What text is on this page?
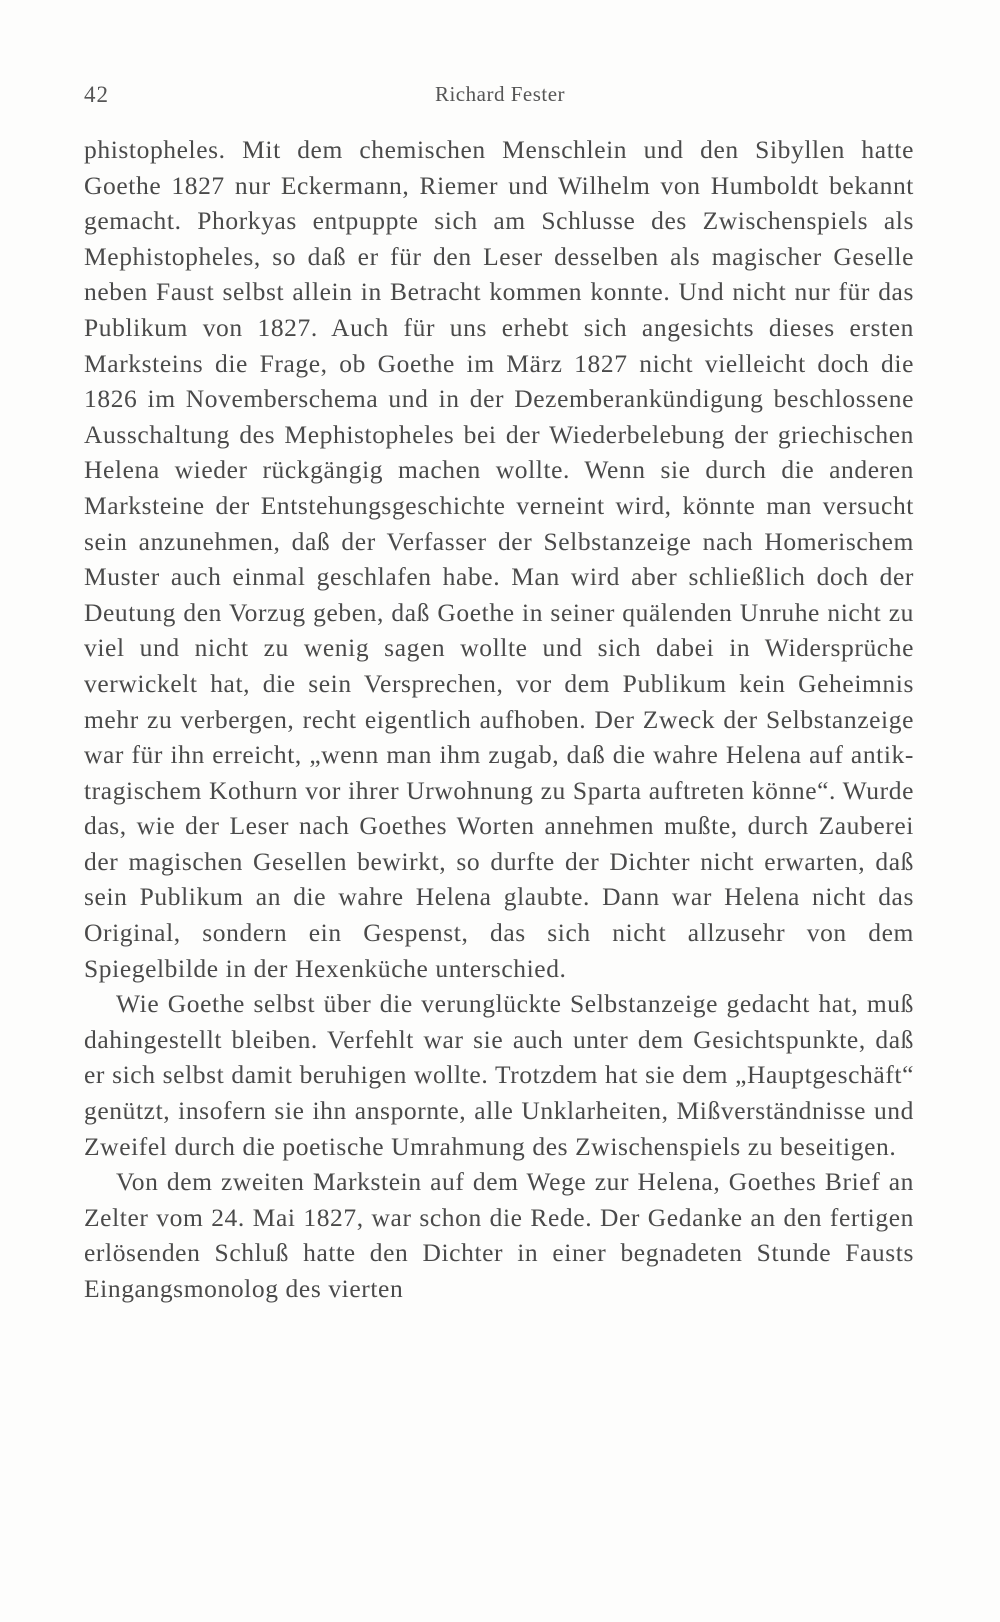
42	Richard Fester

phistopheles. Mit dem chemischen Menschlein und den Sibyllen hatte Goethe 1827 nur Eckermann, Riemer und Wilhelm von Humboldt bekannt gemacht. Phorkyas entpuppte sich am Schlusse des Zwischenspiels als Mephistopheles, so daß er für den Leser desselben als magischer Geselle neben Faust selbst allein in Betracht kommen konnte. Und nicht nur für das Publikum von 1827. Auch für uns erhebt sich angesichts dieses ersten Marksteins die Frage, ob Goethe im März 1827 nicht vielleicht doch die 1826 im Novemberschema und in der Dezemberankündigung beschlossene Ausschaltung des Mephistopheles bei der Wiederbelebung der griechischen Helena wieder rückgängig machen wollte. Wenn sie durch die anderen Marksteine der Entstehungsgeschichte verneint wird, könnte man versucht sein anzunehmen, daß der Verfasser der Selbstanzeige nach Homerischem Muster auch einmal geschlafen habe. Man wird aber schließlich doch der Deutung den Vorzug geben, daß Goethe in seiner quälenden Unruhe nicht zu viel und nicht zu wenig sagen wollte und sich dabei in Widersprüche verwickelt hat, die sein Versprechen, vor dem Publikum kein Geheimnis mehr zu verbergen, recht eigentlich aufhoben. Der Zweck der Selbstanzeige war für ihn erreicht, „wenn man ihm zugab, daß die wahre Helena auf antik-tragischem Kothurn vor ihrer Urwohnung zu Sparta auftreten könne“. Wurde das, wie der Leser nach Goethes Worten annehmen mußte, durch Zauberei der magischen Gesellen bewirkt, so durfte der Dichter nicht erwarten, daß sein Publikum an die wahre Helena glaubte. Dann war Helena nicht das Original, sondern ein Gespenst, das sich nicht allzusehr von dem Spiegelbilde in der Hexenküche unterschied.

Wie Goethe selbst über die verunglückte Selbstanzeige gedacht hat, muß dahingestellt bleiben. Verfehlt war sie auch unter dem Gesichtspunkte, daß er sich selbst damit beruhigen wollte. Trotzdem hat sie dem „Hauptgeschäft“ genützt, insofern sie ihn anspornte, alle Unklarheiten, Mißverständnisse und Zweifel durch die poetische Umrahmung des Zwischenspiels zu beseitigen.

Von dem zweiten Markstein auf dem Wege zur Helena, Goethes Brief an Zelter vom 24. Mai 1827, war schon die Rede. Der Gedanke an den fertigen erlösenden Schluß hatte den Dichter in einer begnadeten Stunde Fausts Eingangsmonolog des vierten
